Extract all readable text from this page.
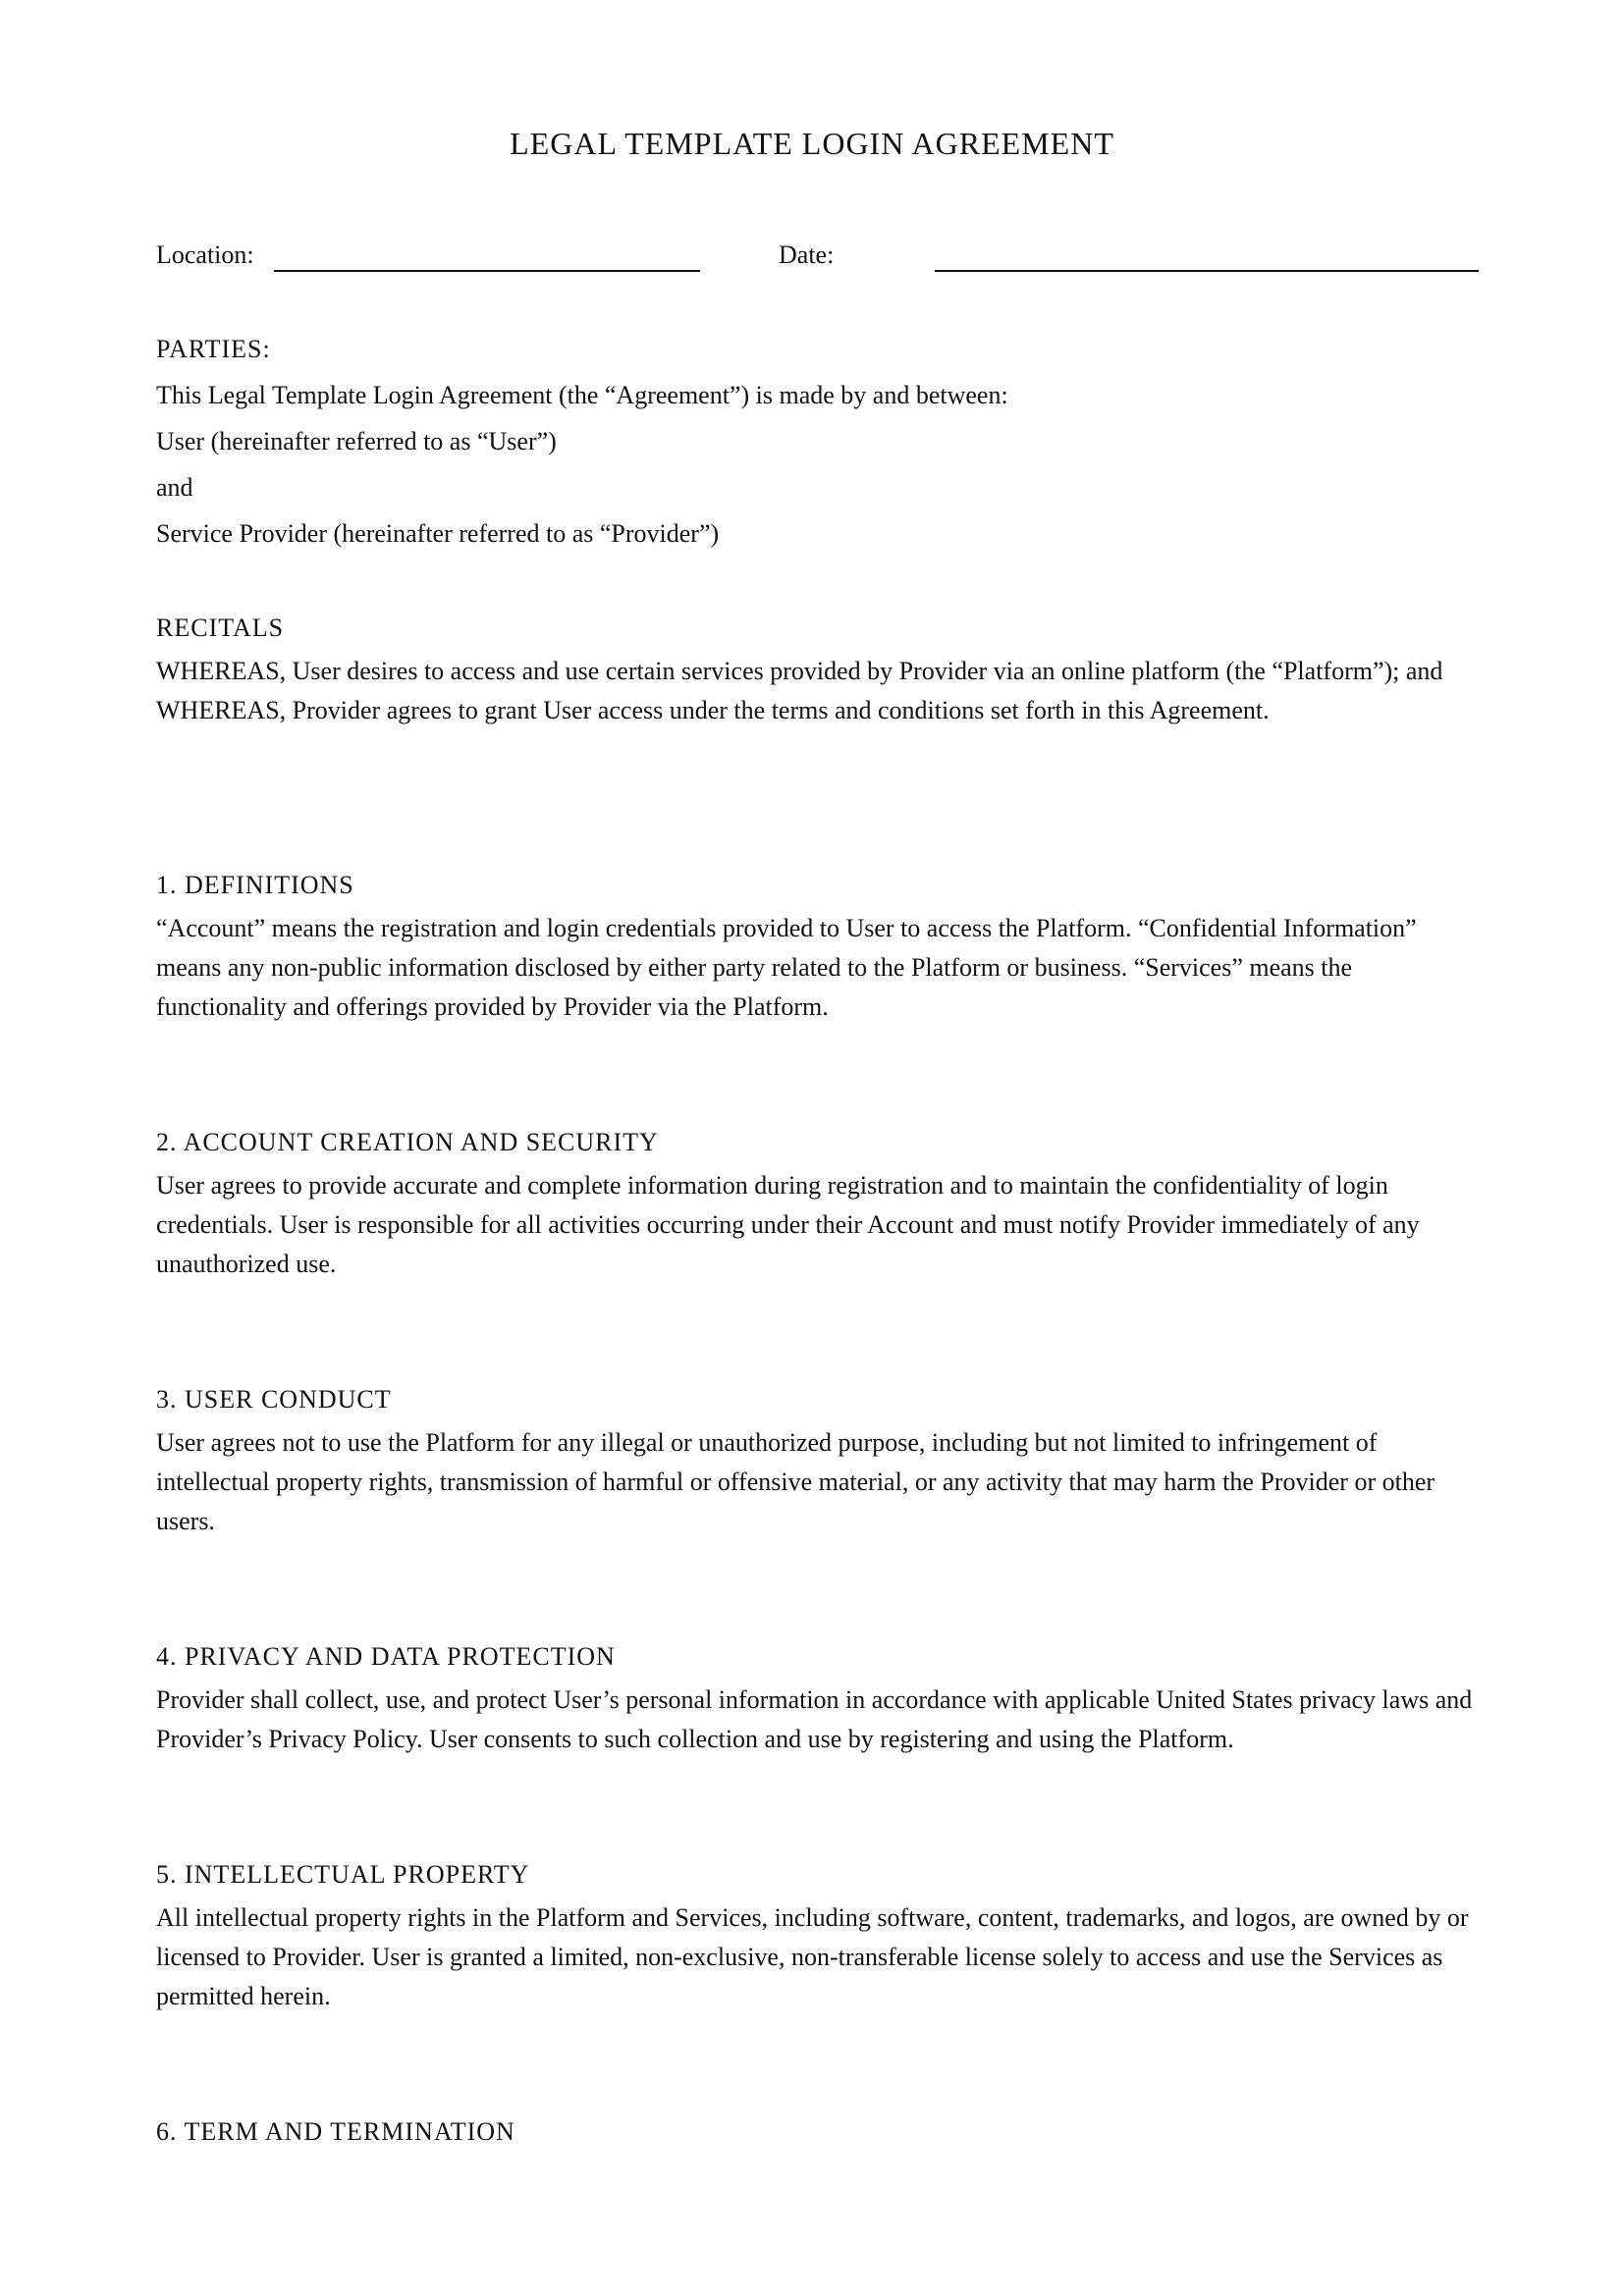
LEGAL TEMPLATE LOGIN AGREEMENT
Location:	Date:

PARTIES:

This Legal Template Login Agreement (the “Agreement”) is made by and between:

User (hereinafter referred to as “User”)

and

Service Provider (hereinafter referred to as “Provider”)

RECITALS

WHEREAS, User desires to access and use certain services provided by Provider via an online platform (the “Platform”); and WHEREAS, Provider agrees to grant User access under the terms and conditions set forth in this Agreement.

1. DEFINITIONS

“Account” means the registration and login credentials provided to User to access the Platform. “Confidential Information” means any non-public information disclosed by either party related to the Platform or business. “Services” means the functionality and offerings provided by Provider via the Platform.

2. ACCOUNT CREATION AND SECURITY

User agrees to provide accurate and complete information during registration and to maintain the confidentiality of login credentials. User is responsible for all activities occurring under their Account and must notify Provider immediately of any unauthorized use.

3. USER CONDUCT

User agrees not to use the Platform for any illegal or unauthorized purpose, including but not limited to infringement of intellectual property rights, transmission of harmful or offensive material, or any activity that may harm the Provider or other users.

4. PRIVACY AND DATA PROTECTION

Provider shall collect, use, and protect User’s personal information in accordance with applicable United States privacy laws and Provider’s Privacy Policy. User consents to such collection and use by registering and using the Platform.

5. INTELLECTUAL PROPERTY

All intellectual property rights in the Platform and Services, including software, content, trademarks, and logos, are owned by or licensed to Provider. User is granted a limited, non-exclusive, non-transferable license solely to access and use the Services as permitted herein.

6. TERM AND TERMINATION
